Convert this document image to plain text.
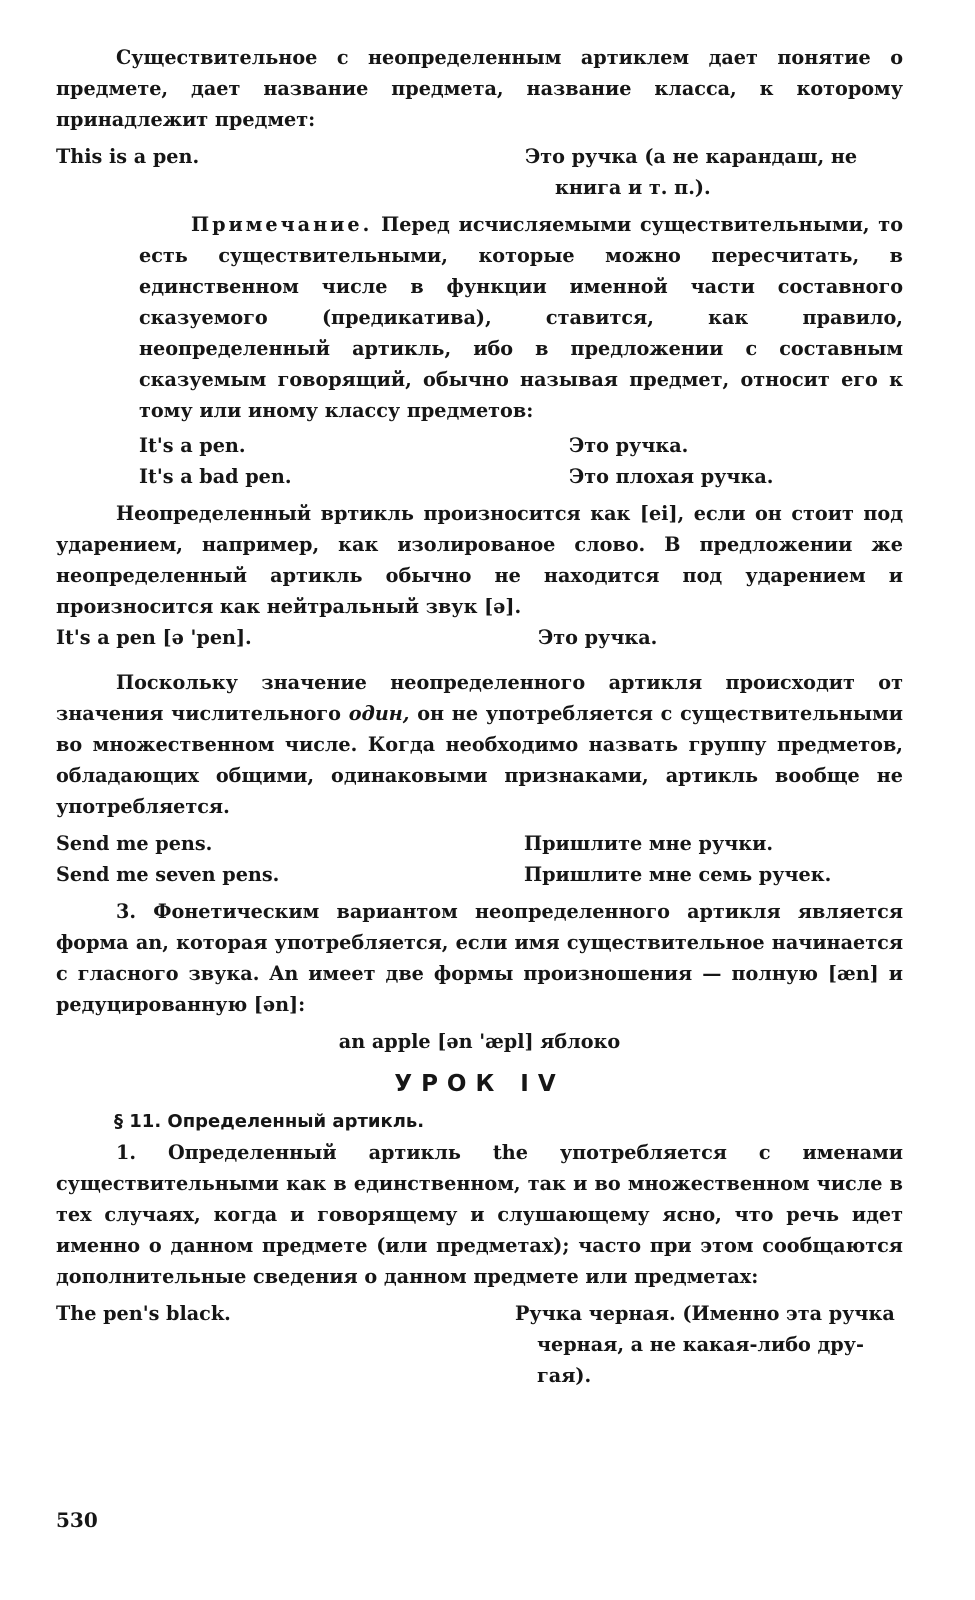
Существительное с неопределенным артиклем дает понятие о предмете, дает название предмета, название класса, к которому принадлежит предмет:

This is a pen.	Это ручка (а не карандаш, не
книга и т. п.).

Примечание. Перед исчисляемыми существительными, то есть существительными, которые можно пересчитать, в единственном числе в функции именной части составного сказуемого (предикатива), ставится, как правило, неопределенный артикль, ибо в предложении с составным сказуемым говорящий, обычно называя предмет, относит его к тому или иному классу предметов:

It's a pen.	Это ручка.
It's a bad pen.	Это плохая ручка.

Неопределенный вртикль произносится как [ei], если он стоит под ударением, например, как изолированое слово. В предложении же неопределенный артикль обычно не находится под ударением и произносится как нейтральный звук [ə].

It's a pen [ə 'pen].	Это ручка.

Поскольку значение неопределенного артикля происходит от значения числительного один, он не употребляется с существительными во множественном числе. Когда необходимо назвать группу предметов, обладающих общими, одинаковыми признаками, артикль вообще не употребляется.

Send me pens.	Пришлите мне ручки.
Send me seven pens.	Пришлите мне семь ручек.

3. Фонетическим вариантом неопределенного артикля является форма an, которая употребляется, если имя существительное начинается с гласного звука. An имеет две формы произношения — полную [æn] и редуцированную [ən]:

an apple [ən 'æpl] яблоко

УРОК IV

§ 11. Определенный артикль.

1. Определенный артикль the употребляется с именами существительными как в единственном, так и во множественном числе в тех случаях, когда и говорящему и слушающему ясно, что речь идет именно о данном предмете (или предметах); часто при этом сообщаются дополнительные сведения о данном предмете или предметах:

The pen's black.	Ручка черная. (Именно эта ручка
черная, а не какая-либо дру-
гая).
530
